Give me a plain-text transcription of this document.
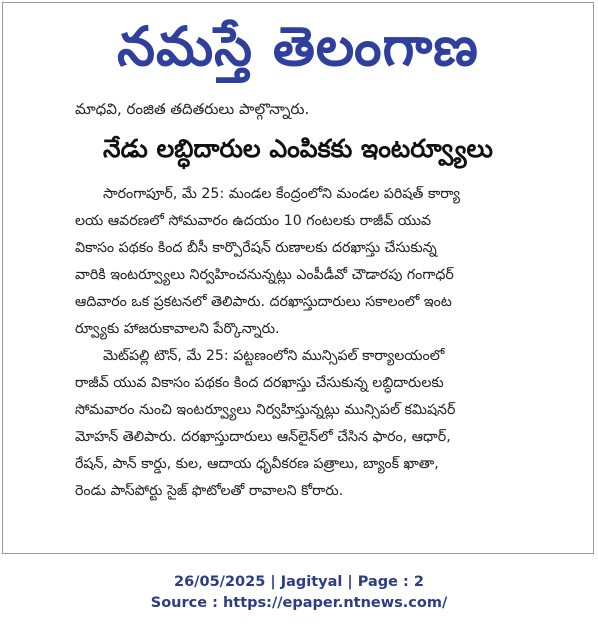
నమస్తే తెలంగాణ
మాధవి, రంజిత తదితరులు పాల్గొన్నారు.
నేడు లబ్ధిదారుల ఎంపికకు ఇంటర్వ్యూలు
సారంగాపూర్, మే 25: మండల కేంద్రంలోని మండల పరిషత్ కార్యా
లయ ఆవరణలో సోమవారం ఉదయం 10 గంటలకు రాజీవ్ యువ
వికాసం పథకం కింద బీసీ కార్పొరేషన్ రుణాలకు దరఖాస్తు చేసుకున్న
వారికి ఇంటర్వ్యూలు నిర్వహించనున్నట్లు ఎంపీడీవో చౌడారపు గంగాధర్
ఆదివారం ఒక ప్రకటనలో తెలిపారు. దరఖాస్తుదారులు సకాలంలో ఇంట
ర్వ్యూకు హాజరుకావాలని పేర్కొన్నారు.
మెట్‌పల్లి టౌన్, మే 25: పట్టణంలోని మున్సిపల్ కార్యాలయంలో
రాజీవ్ యువ వికాసం పథకం కింద దరఖాస్తు చేసుకున్న లబ్ధిదారులకు
సోమవారం నుంచి ఇంటర్వ్యూలు నిర్వహిస్తున్నట్లు మున్సిపల్ కమిషనర్
మోహన్ తెలిపారు. దరఖాస్తుదారులు ఆన్‌లైన్‌లో చేసిన ఫారం, ఆధార్,
రేషన్, పాన్ కార్డు, కుల, ఆదాయ ధృవీకరణ పత్రాలు, బ్యాంక్ ఖాతా,
రెండు పాస్‌పోర్టు సైజ్ ఫొటోలతో రావాలని కోరారు.
26/05/2025 | Jagityal | Page : 2
Source : https://epaper.ntnews.com/
